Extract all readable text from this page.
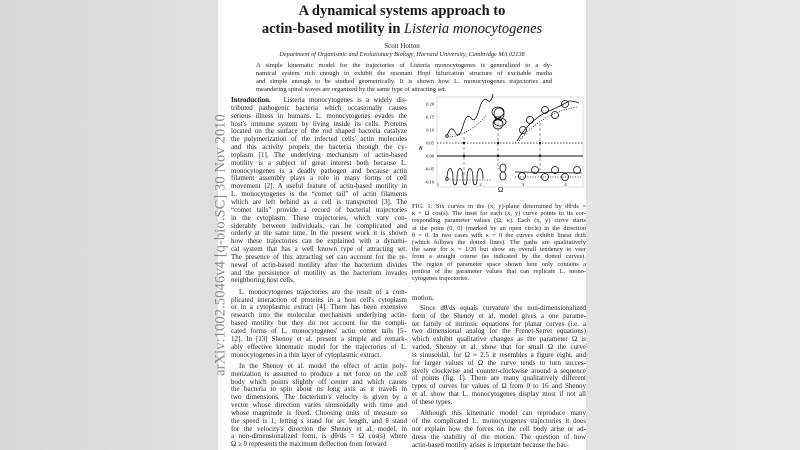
arXiv:1002.5046v4 [q-bio.SC] 30 Nov 2010
A dynamical systems approach to
actin-based motility in Listeria monocytogenes
Scott Hotton
Department of Organismic and Evolutionary Biology, Harvard University, Cambridge MA 02138
A simple kinematic model for the trajectories of Listeria monocytogenes is generalized to a dy-
namical system rich enough to exhibit the resonant Hopf bifurcation structure of excitable media
and simple enough to be studied geometrically. It is shown how L. monocytogenes trajectories and
meandering spiral waves are organized by the same type of attracting set.
Introduction. Listeria monocytogenes is a widely dis-
tributed pathogenic bacteria which occasionally causes
serious illness in humans. L. monocytogenes evades the
host's immune system by living inside its cells. Proteins
located on the surface of the rod shaped bacteria catalyze
the polymerization of the infected cells' actin molecules
and this activity propels the bacteria through the cy-
toplasm [1]. The underlying mechanism of actin-based
motility is a subject of great interest both because L.
monocytogenes is a deadly pathogen and because actin
filament assembly plays a role in many forms of cell
movement [2]. A useful feature of actin-based motility in
L. monocytogenes is the “comet tail” of actin filaments
which are left behind as a cell is transported [3]. The
“comet tails” provide a record of bacterial trajectories
in the cytoplasm. These trajectories, which vary con-
siderably between individuals, can be complicated and
orderly at the same time. In the present work it is shown
how these trajectories can be explained with a dynami-
cal system that has a well known type of attracting set.
The presence of this attracting set can account for the re-
newal of actin-based motility after the bacterium divides
and the persistence of motility as the bacterium invades
neighboring host cells.
L. monocytogenes trajectories are the result of a com-
plicated interaction of proteins in a host cell's cytoplasm
or in a cytoplasmic extract [4]. There has been extensive
research into the molecular mechanism underlying actin-
based motility but they do not account for the compli-
cated forms of L. monocytogenes' actin comet tails [5–
12]. In [13] Shenoy et al. present a simple and remark-
ably effective kinematic model for the trajectories of L.
monocytogenes in a thin layer of cytoplasmic extract.
In the Shenoy et al. model the effect of actin poly-
merization is assumed to produce a net force on the cell
body which points slightly off center and which causes
the bacteria to spin about its long axis as it travels in
two dimensions. The bacterium's velocity is given by a
vector whose direction varies sinusoidally with time and
whose magnitude is fixed. Choosing units of measure so
the speed is 1, letting s stand for arc length, and θ stand
for the velocity's direction the Shenoy et al. model, in
a non-dimensionalized form, is dθ/ds = Ω cos(s) where
Ω ≥ 0 represents the maximum deflection from forward
0.20
0.15
0.10
0.05
0.00
-0.05
-0.10 1	2	3	4
κ
Ω
FIG. 1: Six curves in the (x, y)-plane determined by dθ/ds =
κ + Ω cos(s). The inset for each (x, y) curve points to its cor-
responding parameter values (Ω, κ). Each (x, y) curve starts
at the point (0, 0) (marked by an open circle) in the direction
θ = 0. In two cases with κ = 0 the curves exhibit linear drift
(which follows the dotted lines). The paths are qualitatively
the same for κ = 1/20 but show an overall tendency to veer
from a straight course (as indicated by the dotted curves).
The region of parameter space shown here only contains a
portion of the parameter values that can replicate L. mono-
cytogenes trajectories.
motion.
Since dθ/ds equals curvature the non-dimensionalized
form of the Shenoy et al. model gives a one parame-
ter family of intrinsic equations for planar curves (i.e. a
two dimensional analog for the Frenet-Serret equations)
which exhibit qualitative changes as the parameter Ω is
varied. Shenoy et al. show that for small Ω the curve
is sinusoidal, for Ω ≈ 2.5 it resembles a figure eight, and
for larger values of Ω the curve tends to turn succes-
sively clockwise and counter-clockwise around a sequence
of points (fig. 1). There are many qualitatively different
types of curves for values of Ω from 0 to 16 and Shenoy
et al. show that L. monocytogenes display most if not all
of these types.
Although this kinematic model can reproduce many
of the complicated L. monocytogenes trajectories it does
not explain how the forces on the cell body arise or ad-
dress the stability of the motion. The question of how
actin-based motility arises is important because the bac-
